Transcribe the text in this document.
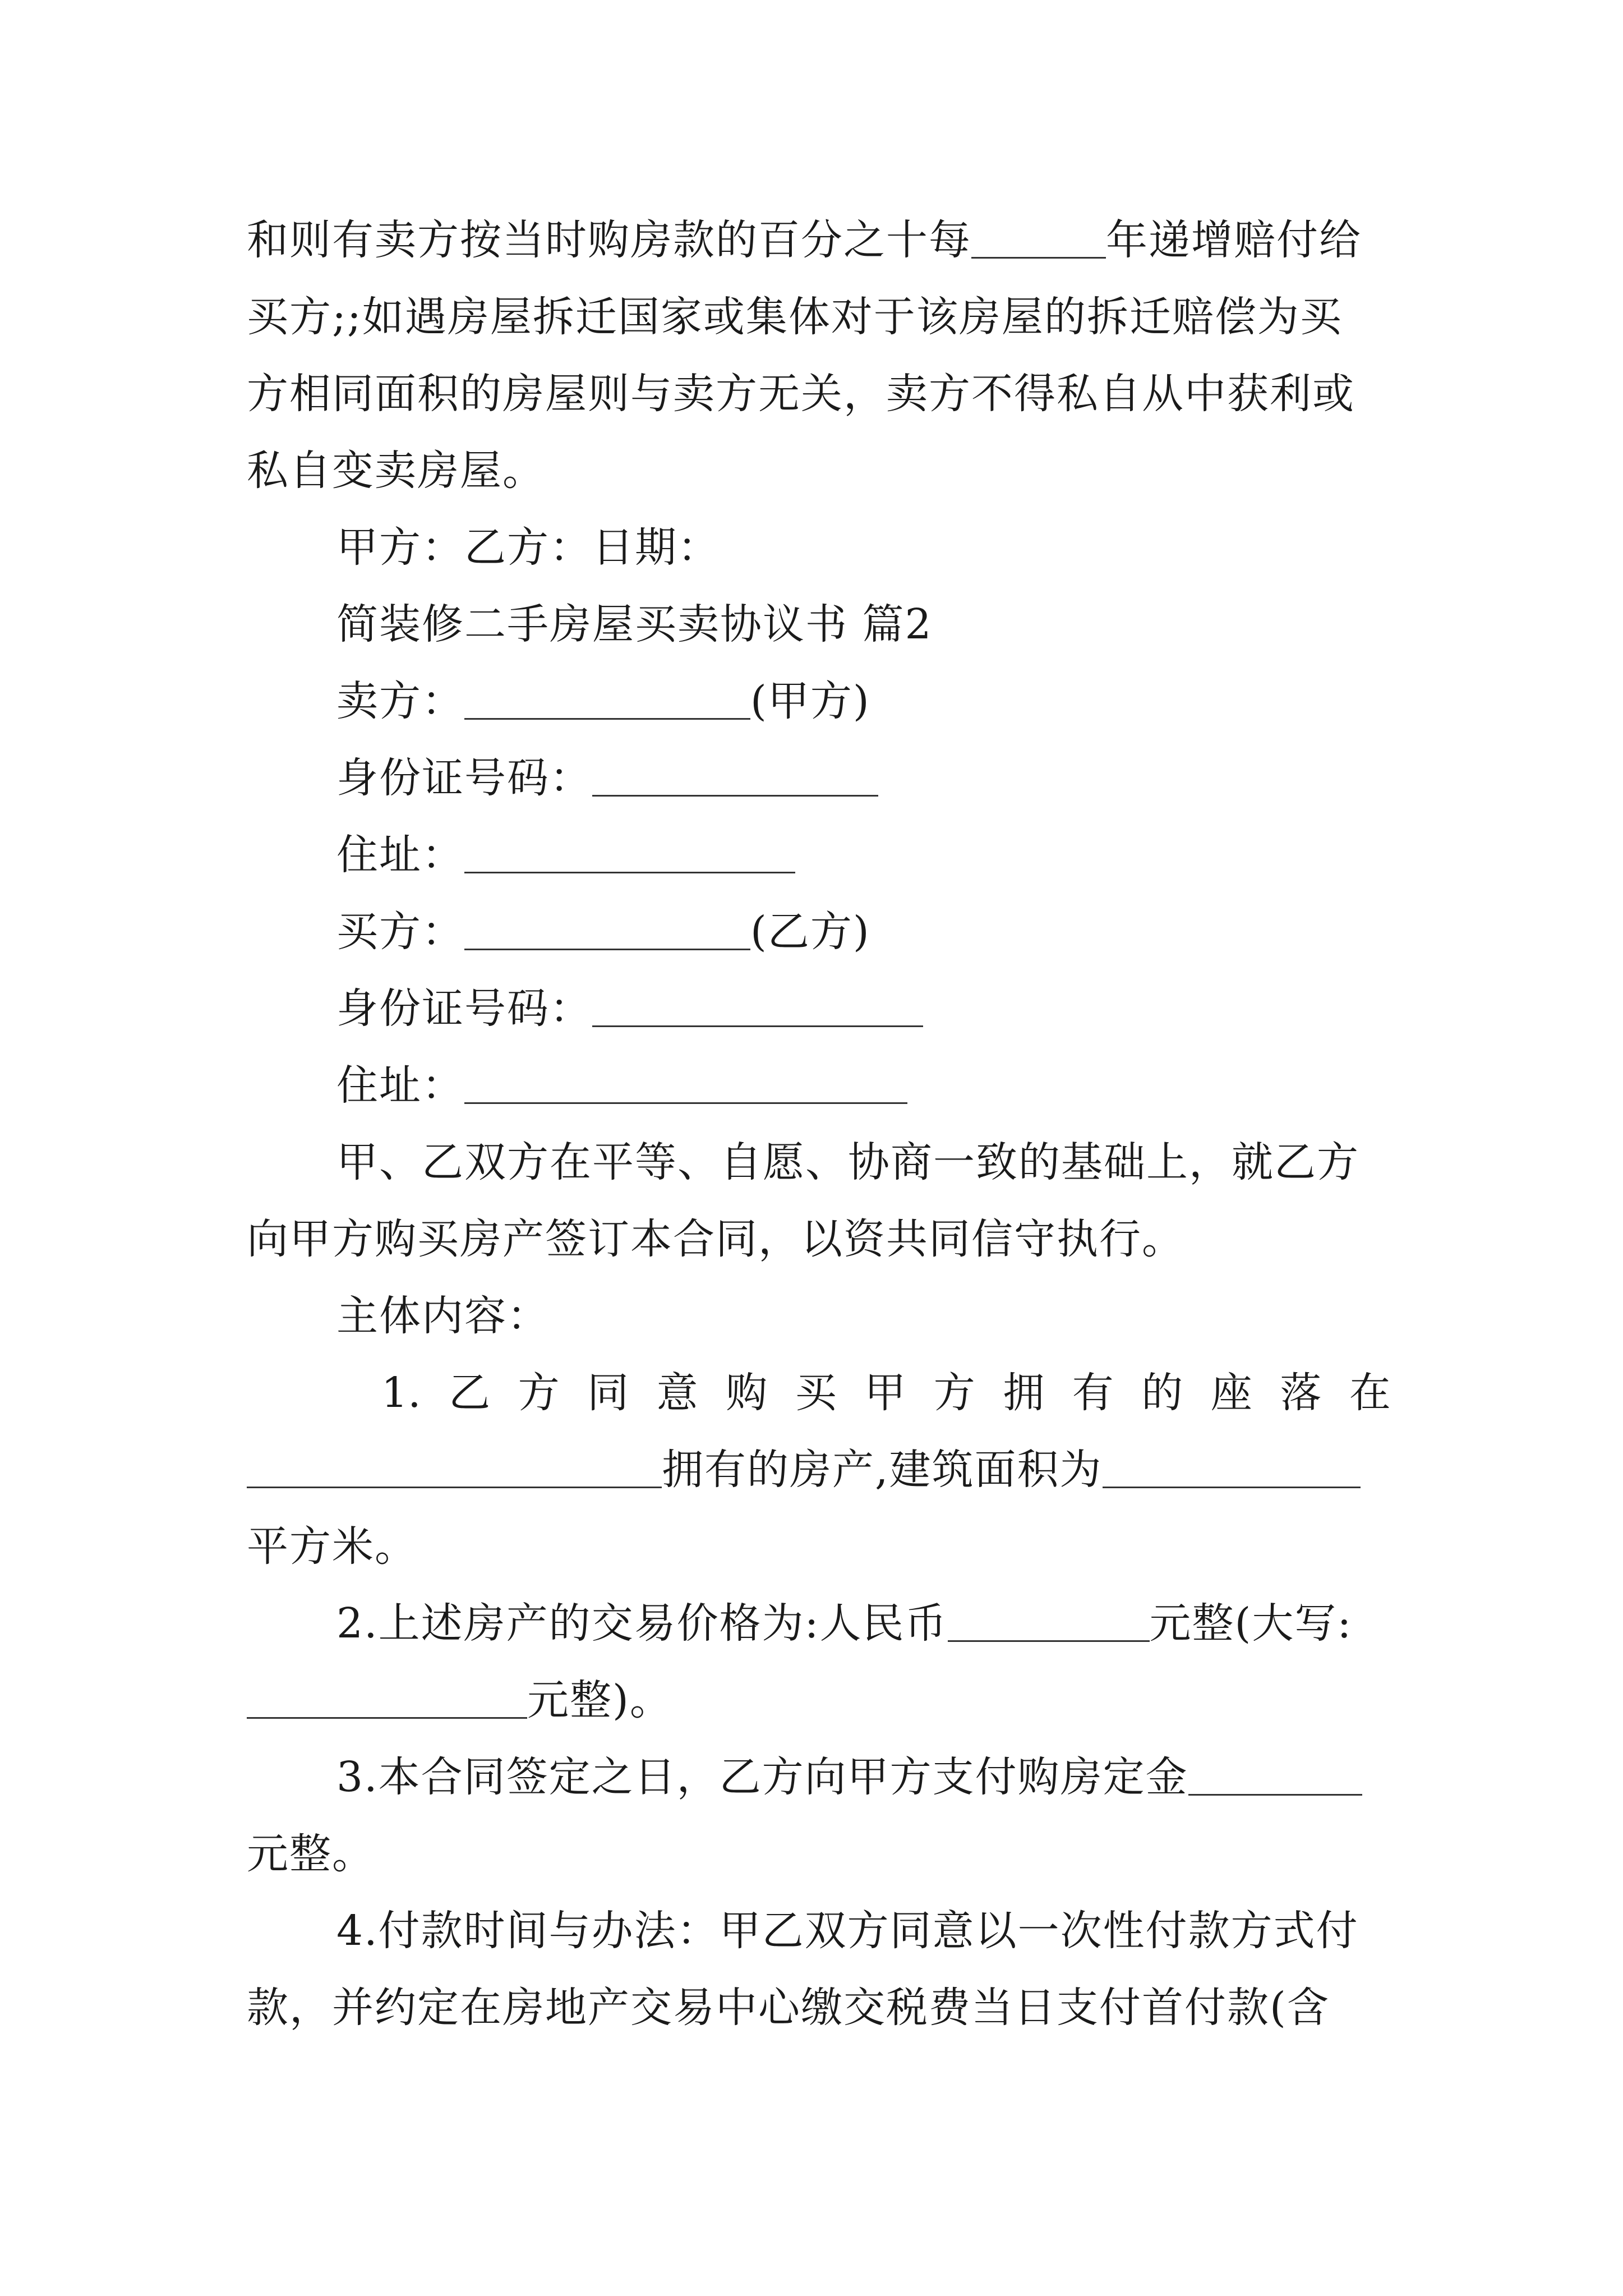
和则有卖方按当时购房款的百分之十每	年递增赔付给
买方;;如遇房屋拆迁国家或集体对于该房屋的拆迁赔偿为买
方相同面积的房屋则与卖方无关，卖方不得私自从中获利或
私自变卖房屋。
甲方：乙方：日期：
简装修二手房屋买卖协议书 篇2
卖方：	(甲方)
身份证号码：
住址：
买方：	(乙方)
身份证号码：
住址：
甲、乙双方在平等、自愿、协商一致的基础上，就乙方
向甲方购买房产签订本合同，以资共同信守执行。
主体内容：
1. 乙 方 同 意 购 买 甲 方 拥 有 的 座 落 在
拥有的房产,建筑面积为
平方米。
2.上述房产的交易价格为:人民币	元整(大写:
元整)。
3.本合同签定之日，乙方向甲方支付购房定金
元整。
4.付款时间与办法：甲乙双方同意以一次性付款方式付
款，并约定在房地产交易中心缴交税费当日支付首付款(含
